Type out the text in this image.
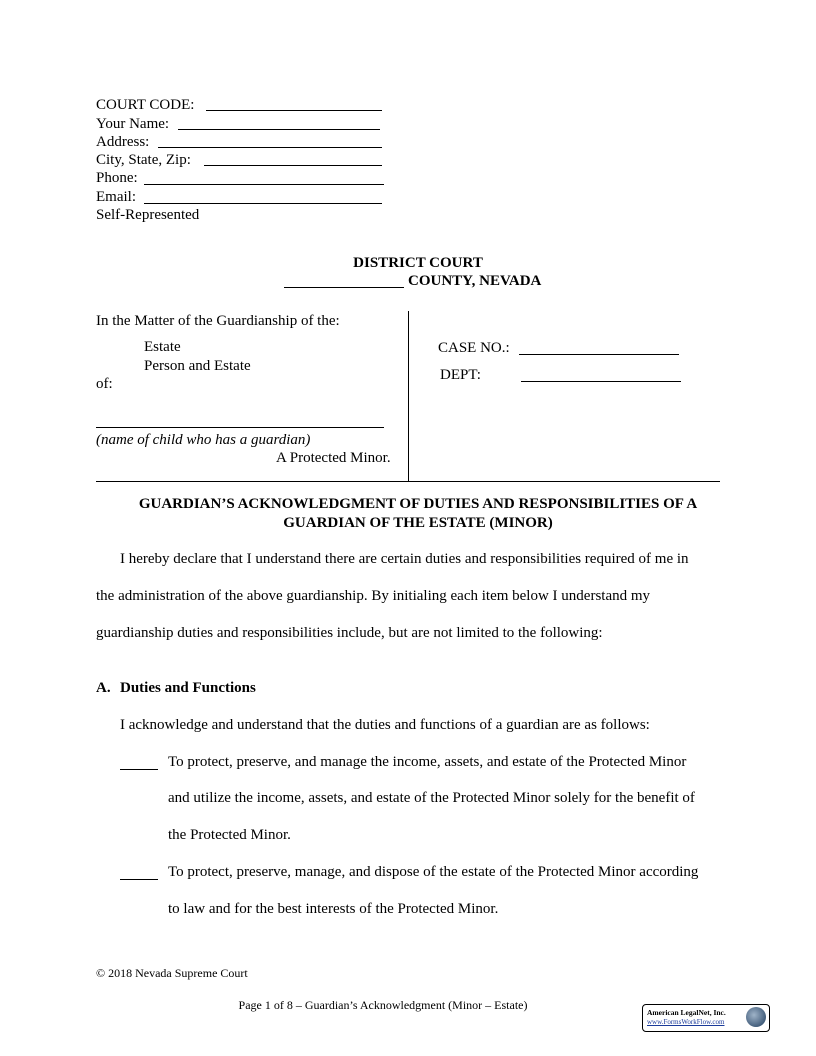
COURT CODE:
Your Name:
Address:
City, State, Zip:
Phone:
Email:
Self-Represented
DISTRICT COURT
COUNTY, NEVADA
In the Matter of the Guardianship of the:
Estate
Person and Estate
of:
(name of child who has a guardian)
A Protected Minor.
CASE NO.:
DEPT:
GUARDIAN’S ACKNOWLEDGMENT OF DUTIES AND RESPONSIBILITIES OF A
GUARDIAN OF THE ESTATE (MINOR)
I hereby declare that I understand there are certain duties and responsibilities required of me in
the administration of the above guardianship. By initialing each item below I understand my
guardianship duties and responsibilities include, but are not limited to the following:
A. Duties and Functions
I acknowledge and understand that the duties and functions of a guardian are as follows:
To protect, preserve, and manage the income, assets, and estate of the Protected Minor
and utilize the income, assets, and estate of the Protected Minor solely for the benefit of
the Protected Minor.
To protect, preserve, manage, and dispose of the estate of the Protected Minor according
to law and for the best interests of the Protected Minor.
© 2018 Nevada Supreme Court
Page 1 of 8 – Guardian’s Acknowledgment (Minor – Estate)
American LegalNet, Inc.
www.FormsWorkFlow.com
